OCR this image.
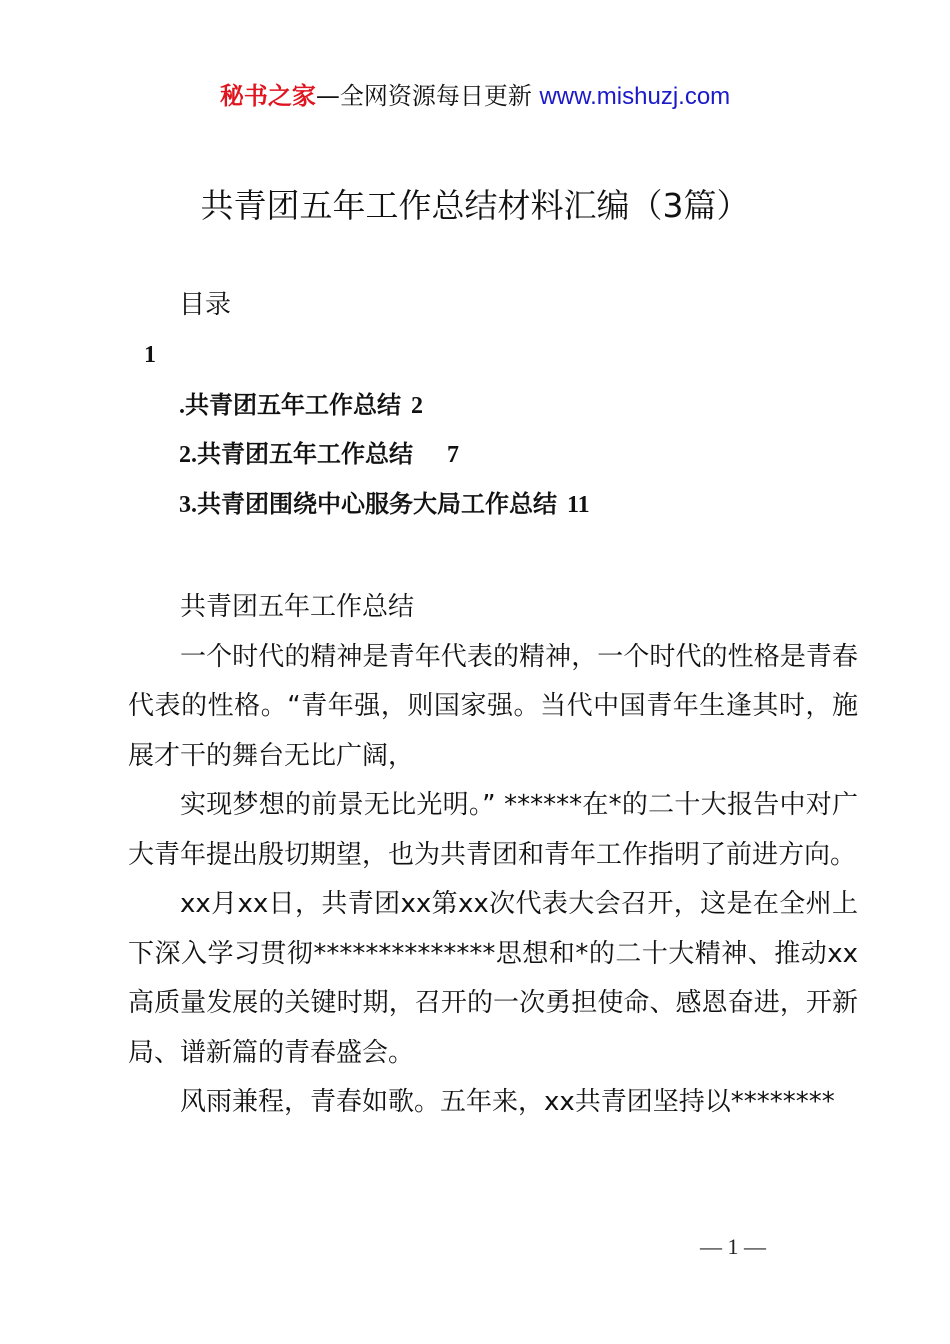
秘书之家—全网资源每日更新 www.mishuzj.com
共青团五年工作总结材料汇编（3篇）
目录
1
.共青团五年工作总结 2
2.共青团五年工作总结 7
3.共青团围绕中心服务大局工作总结 11

共青团五年工作总结

一个时代的精神是青年代表的精神，一个时代的性格是青春代表的性格。“青年强，则国家强。当代中国青年生逢其时，施展才干的舞台无比广阔，

实现梦想的前景无比光明。” ******在*的二十大报告中对广大青年提出殷切期望，也为共青团和青年工作指明了前进方向。

xx月xx日，共青团xx第xx次代表大会召开，这是在全州上下深入学习贯彻**************思想和*的二十大精神、推动xx高质量发展的关键时期，召开的一次勇担使命、感恩奋进，开新局、谱新篇的青春盛会。

风雨兼程，青春如歌。五年来，xx共青团坚持以********

— 1 —
